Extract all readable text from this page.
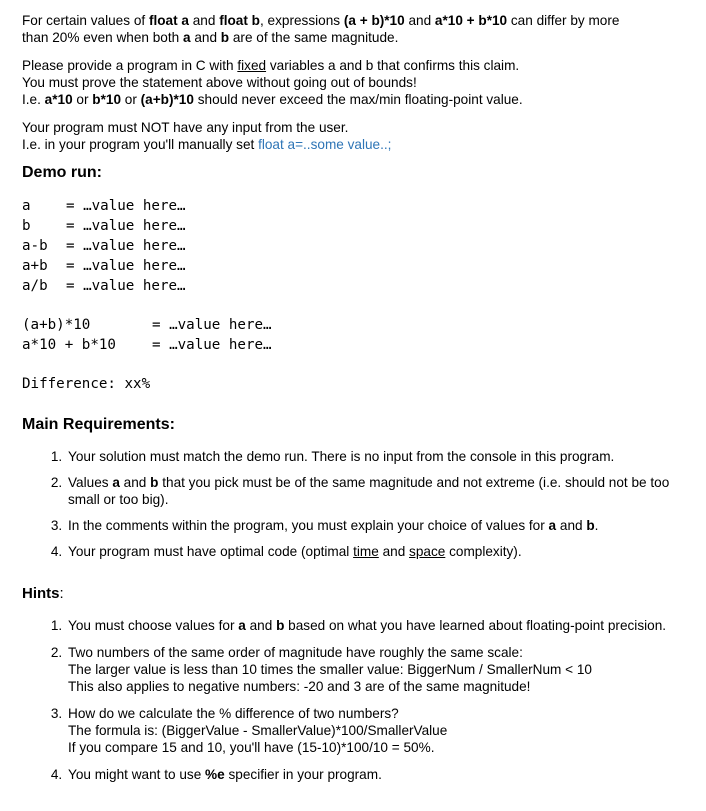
For certain values of float a and float b, expressions (a + b)*10 and a*10 + b*10 can differ by more
than 20% even when both a and b are of the same magnitude.

Please provide a program in C with fixed variables a and b that confirms this claim.
You must prove the statement above without going out of bounds!
I.e. a*10 or b*10 or (a+b)*10 should never exceed the max/min floating-point value.

Your program must NOT have any input from the user.
I.e. in your program you'll manually set float a=..some value..;

Demo run:
a = …value here…
b = …value here…
a-b = …value here…
a+b = …value here…
a/b = …value here…
(a+b)*10	= …value here…
a*10 + b*10	= …value here…
Difference: xx%
Main Requirements:
1. Your solution must match the demo run. There is no input from the console in this program.
2. Values a and b that you pick must be of the same magnitude and not extreme (i.e. should not be too small or too big).
3. In the comments within the program, you must explain your choice of values for a and b.
4. Your program must have optimal code (optimal time and space complexity).
Hints:
1. You must choose values for a and b based on what you have learned about floating-point precision.
2. Two numbers of the same order of magnitude have roughly the same scale:
The larger value is less than 10 times the smaller value: BiggerNum / SmallerNum < 10
This also applies to negative numbers: -20 and 3 are of the same magnitude!
3. How do we calculate the % difference of two numbers?
The formula is: (BiggerValue - SmallerValue)*100/SmallerValue
If you compare 15 and 10, you'll have (15-10)*100/10 = 50%.
4. You might want to use %e specifier in your program.
